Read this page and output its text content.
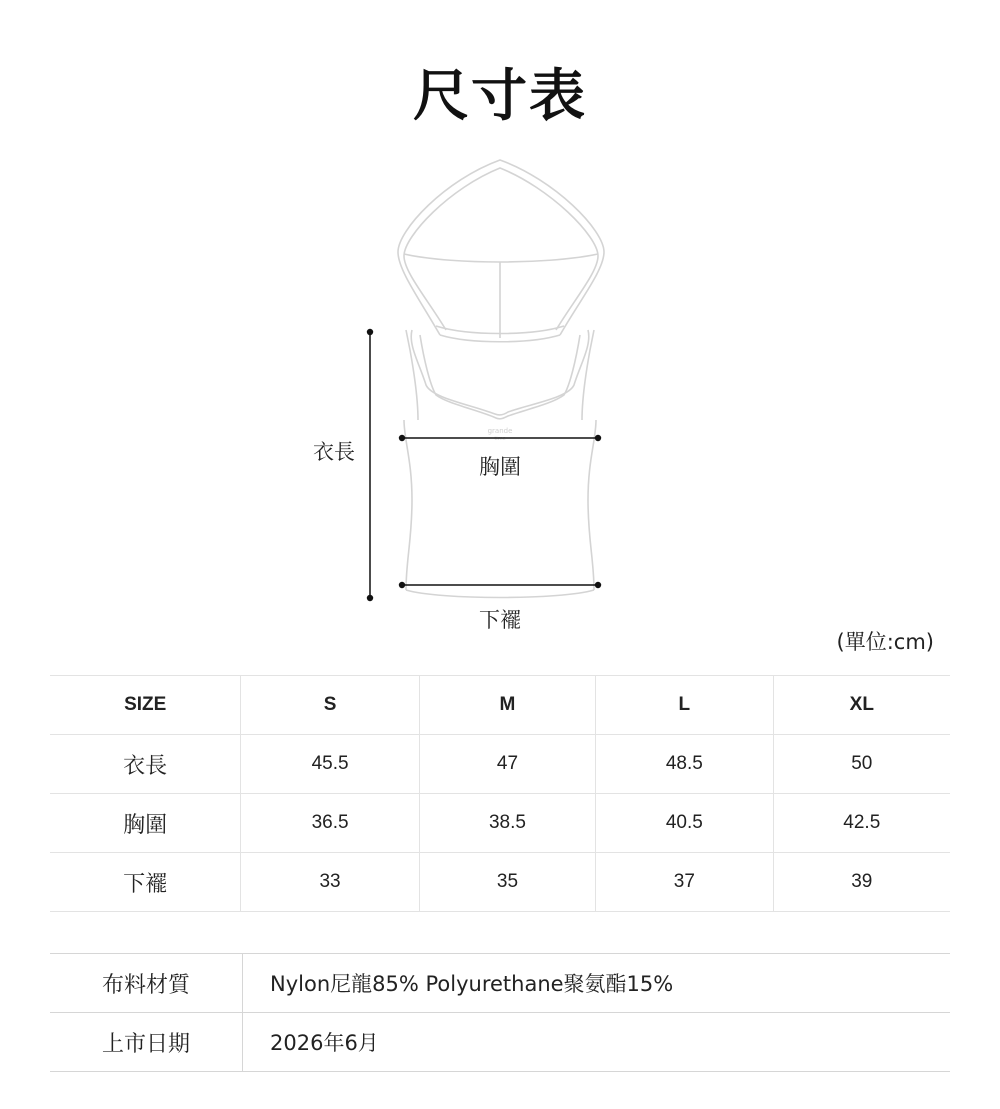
尺寸表
grande
time
衣長
胸圍
下襬
(單位:cm)
SIZE	S	M	L	XL
衣長	45.5	47	48.5	50
胸圍	36.5	38.5	40.5	42.5
下襬	33	35	37	39
布料材質	Nylon尼龍85% Polyurethane聚氨酯15%
上市日期	2026年6月
